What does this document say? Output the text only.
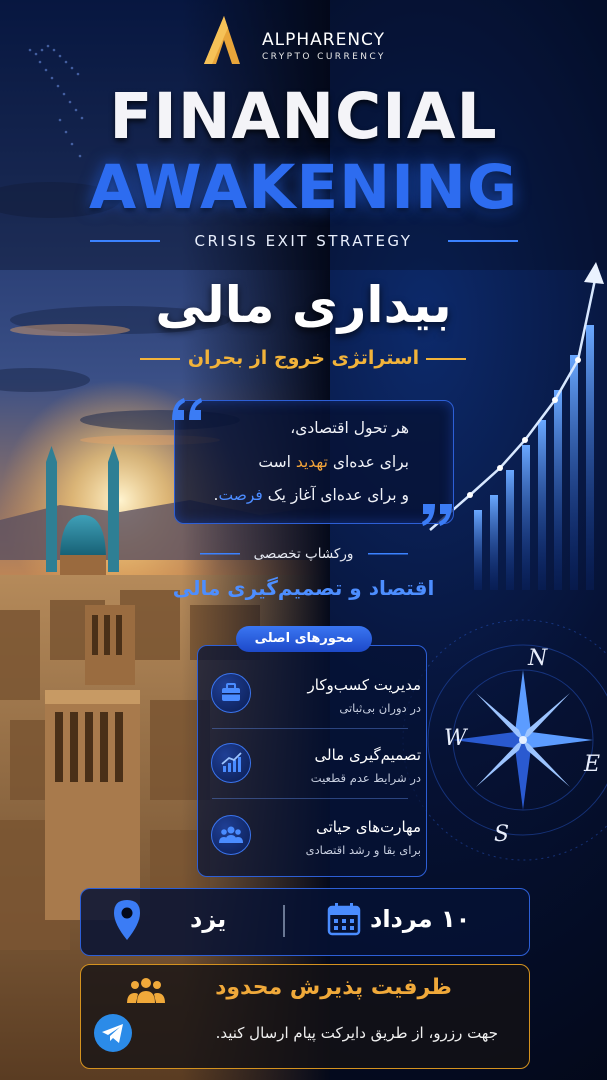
ALPHARENCY
CRYPTO CURRENCY
FINANCIAL
AWAKENING
CRISIS EXIT STRATEGY
بیداری مالی
استراتژی خروج از بحران
هر تحول اقتصادی،
برای عده‌ای تهدید است
و برای عده‌ای آغاز یک فرصت.
ورکشاپ تخصصی
اقتصاد و تصمیم‌گیری مالی
محورهای اصلی
مدیریت کسب‌وکار
در دوران بی‌ثباتی
تصمیم‌گیری مالی
در شرایط عدم قطعیت
مهارت‌های حیاتی
برای بقا و رشد اقتصادی
N
E
S
W
۱۰ مرداد
یزد
ظرفیت پذیرش محدود
جهت رزرو، از طریق دایرکت پیام ارسال کنید.
